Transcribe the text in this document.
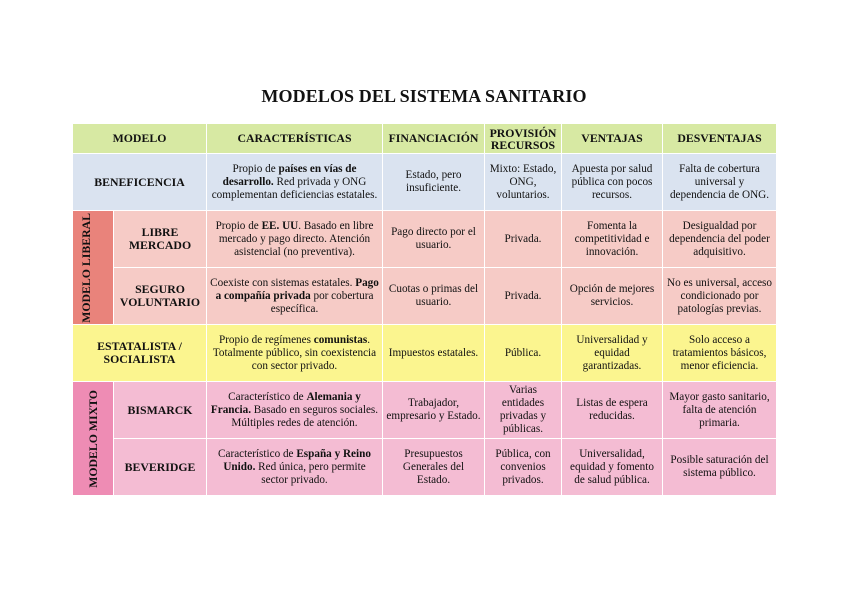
MODELOS DEL SISTEMA SANITARIO
MODELO		CARACTERÍSTICAS	FINANCIACIÓN	PROVISIÓN RECURSOS	VENTAJAS	DESVENTAJAS
BENEFICENCIA		Propio de países en vías de desarrollo. Red privada y ONG complementan deficiencias estatales.	Estado, pero insuficiente.	Mixto: Estado, ONG, voluntarios.	Apuesta por salud pública con pocos recursos.	Falta de cobertura universal y dependencia de ONG.

MODELO LIBERAL	LIBRE MERCADO	Propio de EE. UU. Basado en libre mercado y pago directo. Atención asistencial (no preventiva).	Pago directo por el usuario.	Privada.	Fomenta la competitividad e innovación.	Desigualdad por dependencia del poder adquisitivo.
	SEGURO VOLUNTARIO	Coexiste con sistemas estatales. Pago a compañía privada por cobertura específica.	Cuotas o primas del usuario.	Privada.	Opción de mejores servicios.	No es universal, acceso condicionado por patologías previas.
ESTATALISTA / SOCIALISTA		Propio de regímenes comunistas. Totalmente público, sin coexistencia con sector privado.	Impuestos estatales.	Pública.	Universalidad y equidad garantizadas.	Solo acceso a tratamientos básicos, menor eficiencia.

MODELO MIXTO	BISMARCK	Característico de Alemania y Francia. Basado en seguros sociales. Múltiples redes de atención.	Trabajador, empresario y Estado.	Varias entidades privadas y públicas.	Listas de espera reducidas.	Mayor gasto sanitario, falta de atención primaria.
	BEVERIDGE	Característico de España y Reino Unido. Red única, pero permite sector privado.	Presupuestos Generales del Estado.	Pública, con convenios privados.	Universalidad, equidad y fomento de salud pública.	Posible saturación del sistema público.
